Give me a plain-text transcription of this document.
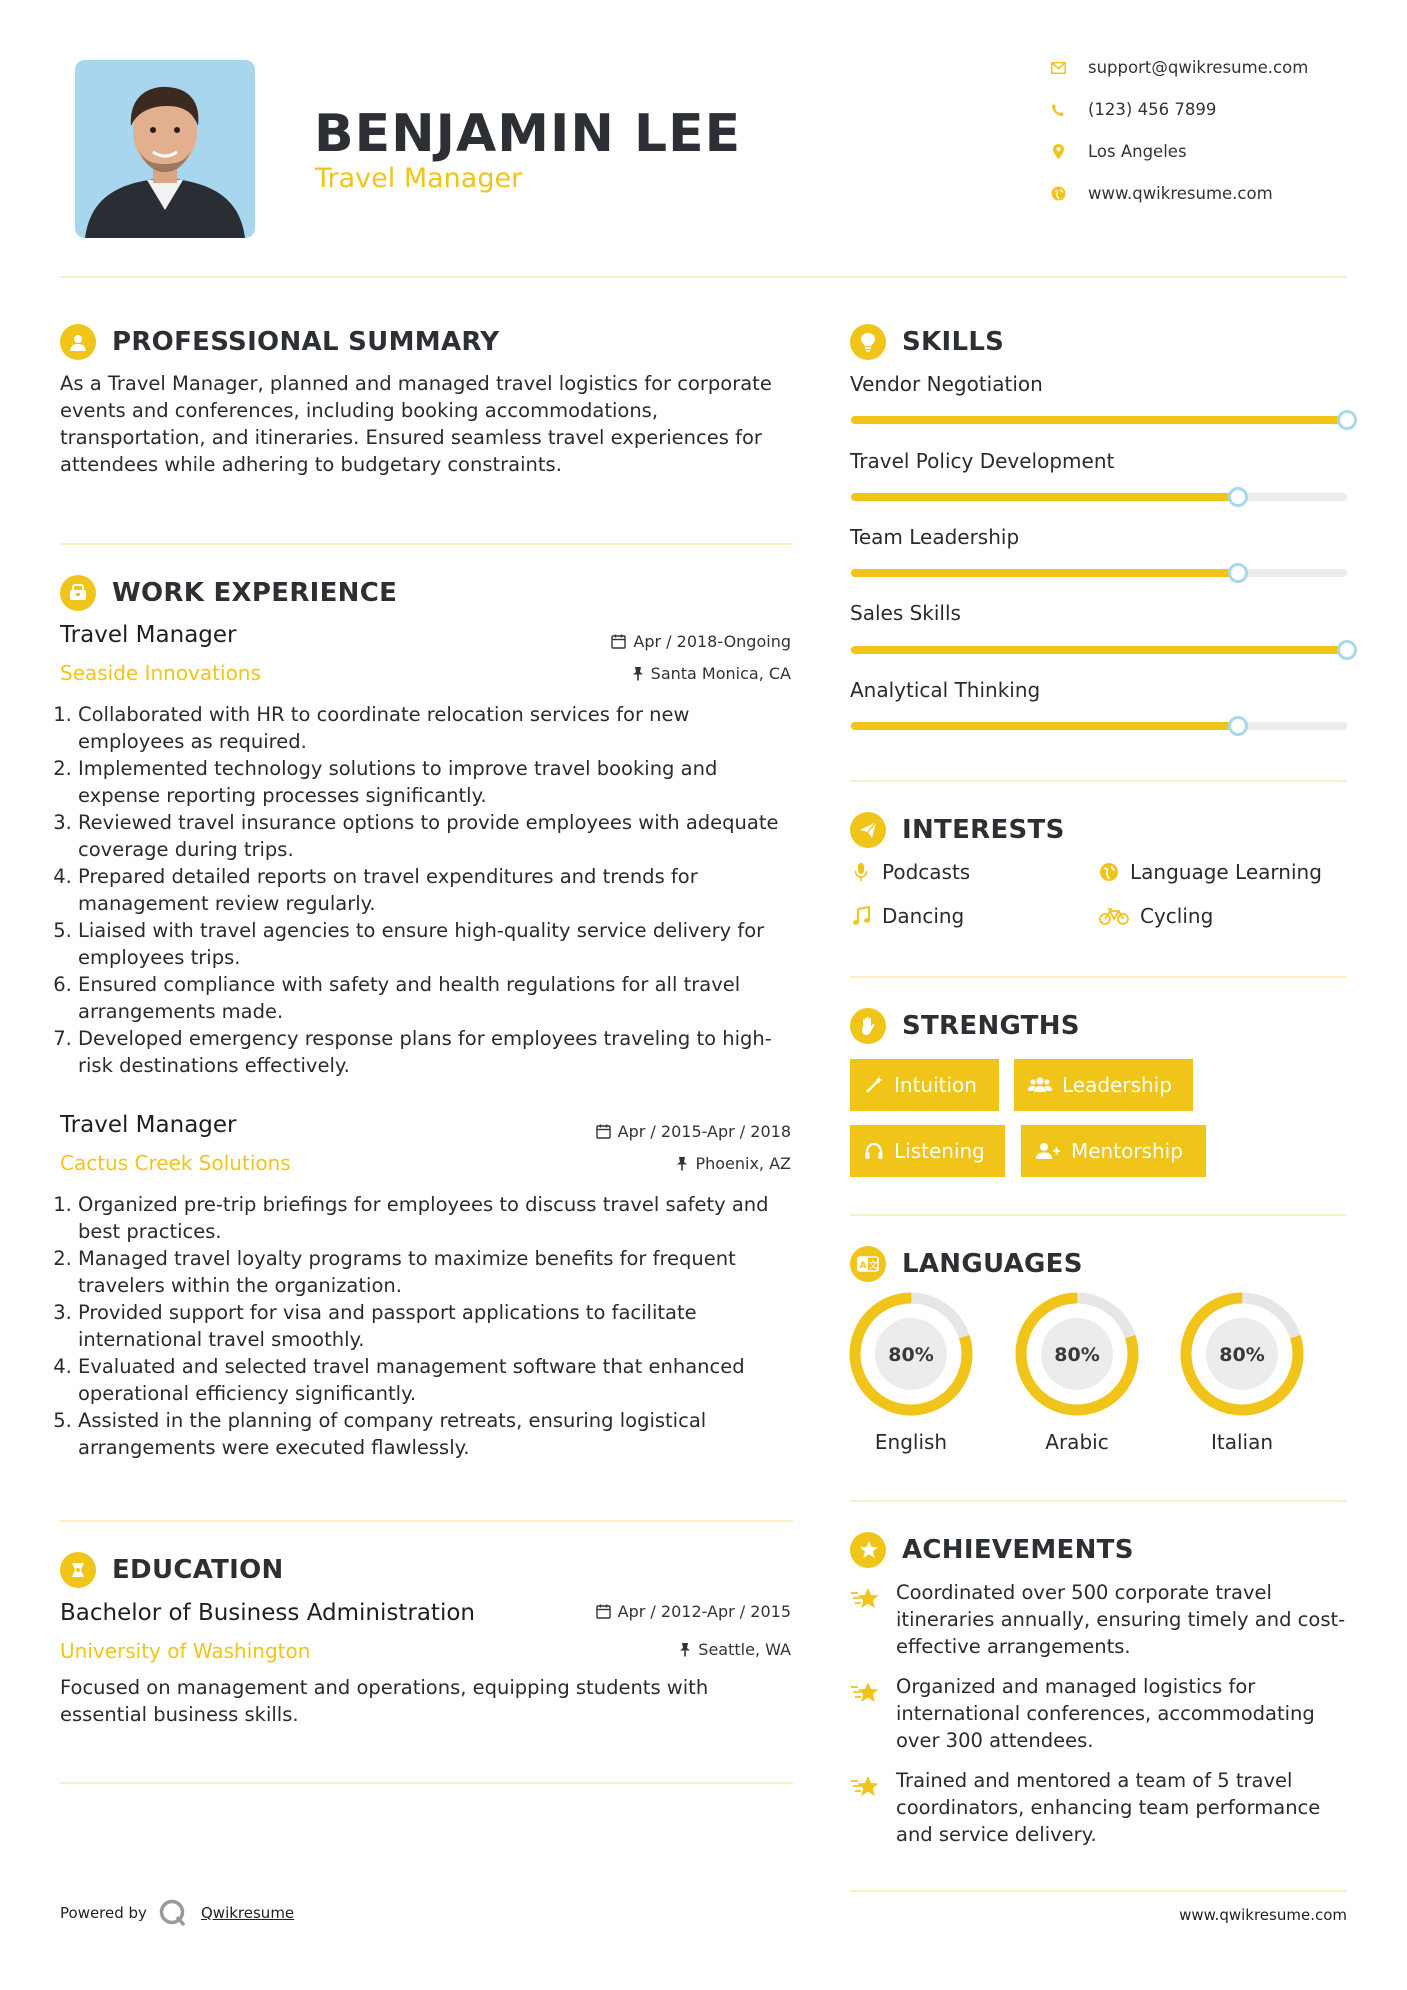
BENJAMIN LEE
Travel Manager
support@qwikresume.com
(123) 456 7899
Los Angeles
www.qwikresume.com
PROFESSIONAL SUMMARY
As a Travel Manager, planned and managed travel logistics for corporate events and conferences, including booking accommodations, transportation, and itineraries. Ensured seamless travel experiences for attendees while adhering to budgetary constraints.
WORK EXPERIENCE
Travel Manager
Seaside Innovations
Apr / 2018-Ongoing
Santa Monica, CA
1. Collaborated with HR to coordinate relocation services for new employees as required.
2. Implemented technology solutions to improve travel booking and expense reporting processes significantly.
3. Reviewed travel insurance options to provide employees with adequate coverage during trips.
4. Prepared detailed reports on travel expenditures and trends for management review regularly.
5. Liaised with travel agencies to ensure high-quality service delivery for employees trips.
6. Ensured compliance with safety and health regulations for all travel arrangements made.
7. Developed emergency response plans for employees traveling to high-risk destinations effectively.
Travel Manager
Cactus Creek Solutions
Apr / 2015-Apr / 2018
Phoenix, AZ
1. Organized pre-trip briefings for employees to discuss travel safety and best practices.
2. Managed travel loyalty programs to maximize benefits for frequent travelers within the organization.
3. Provided support for visa and passport applications to facilitate international travel smoothly.
4. Evaluated and selected travel management software that enhanced operational efficiency significantly.
5. Assisted in the planning of company retreats, ensuring logistical arrangements were executed flawlessly.
EDUCATION
Bachelor of Business Administration
University of Washington
Apr / 2012-Apr / 2015
Seattle, WA
Focused on management and operations, equipping students with essential business skills.
SKILLS
Vendor Negotiation
Travel Policy Development
Team Leadership
Sales Skills
Analytical Thinking
INTERESTS
Podcasts	Language Learning
Dancing	Cycling
STRENGTHS
Intuition	Leadership
Listening	Mentorship
A 文 LANGUAGES
80%	80%	80%
English	Arabic	Italian
ACHIEVEMENTS
Coordinated over 500 corporate travel itineraries annually, ensuring timely and cost-effective arrangements.
Organized and managed logistics for international conferences, accommodating over 300 attendees.
Trained and mentored a team of 5 travel coordinators, enhancing team performance and service delivery.
Powered by	Qwikresume	www.qwikresume.com
